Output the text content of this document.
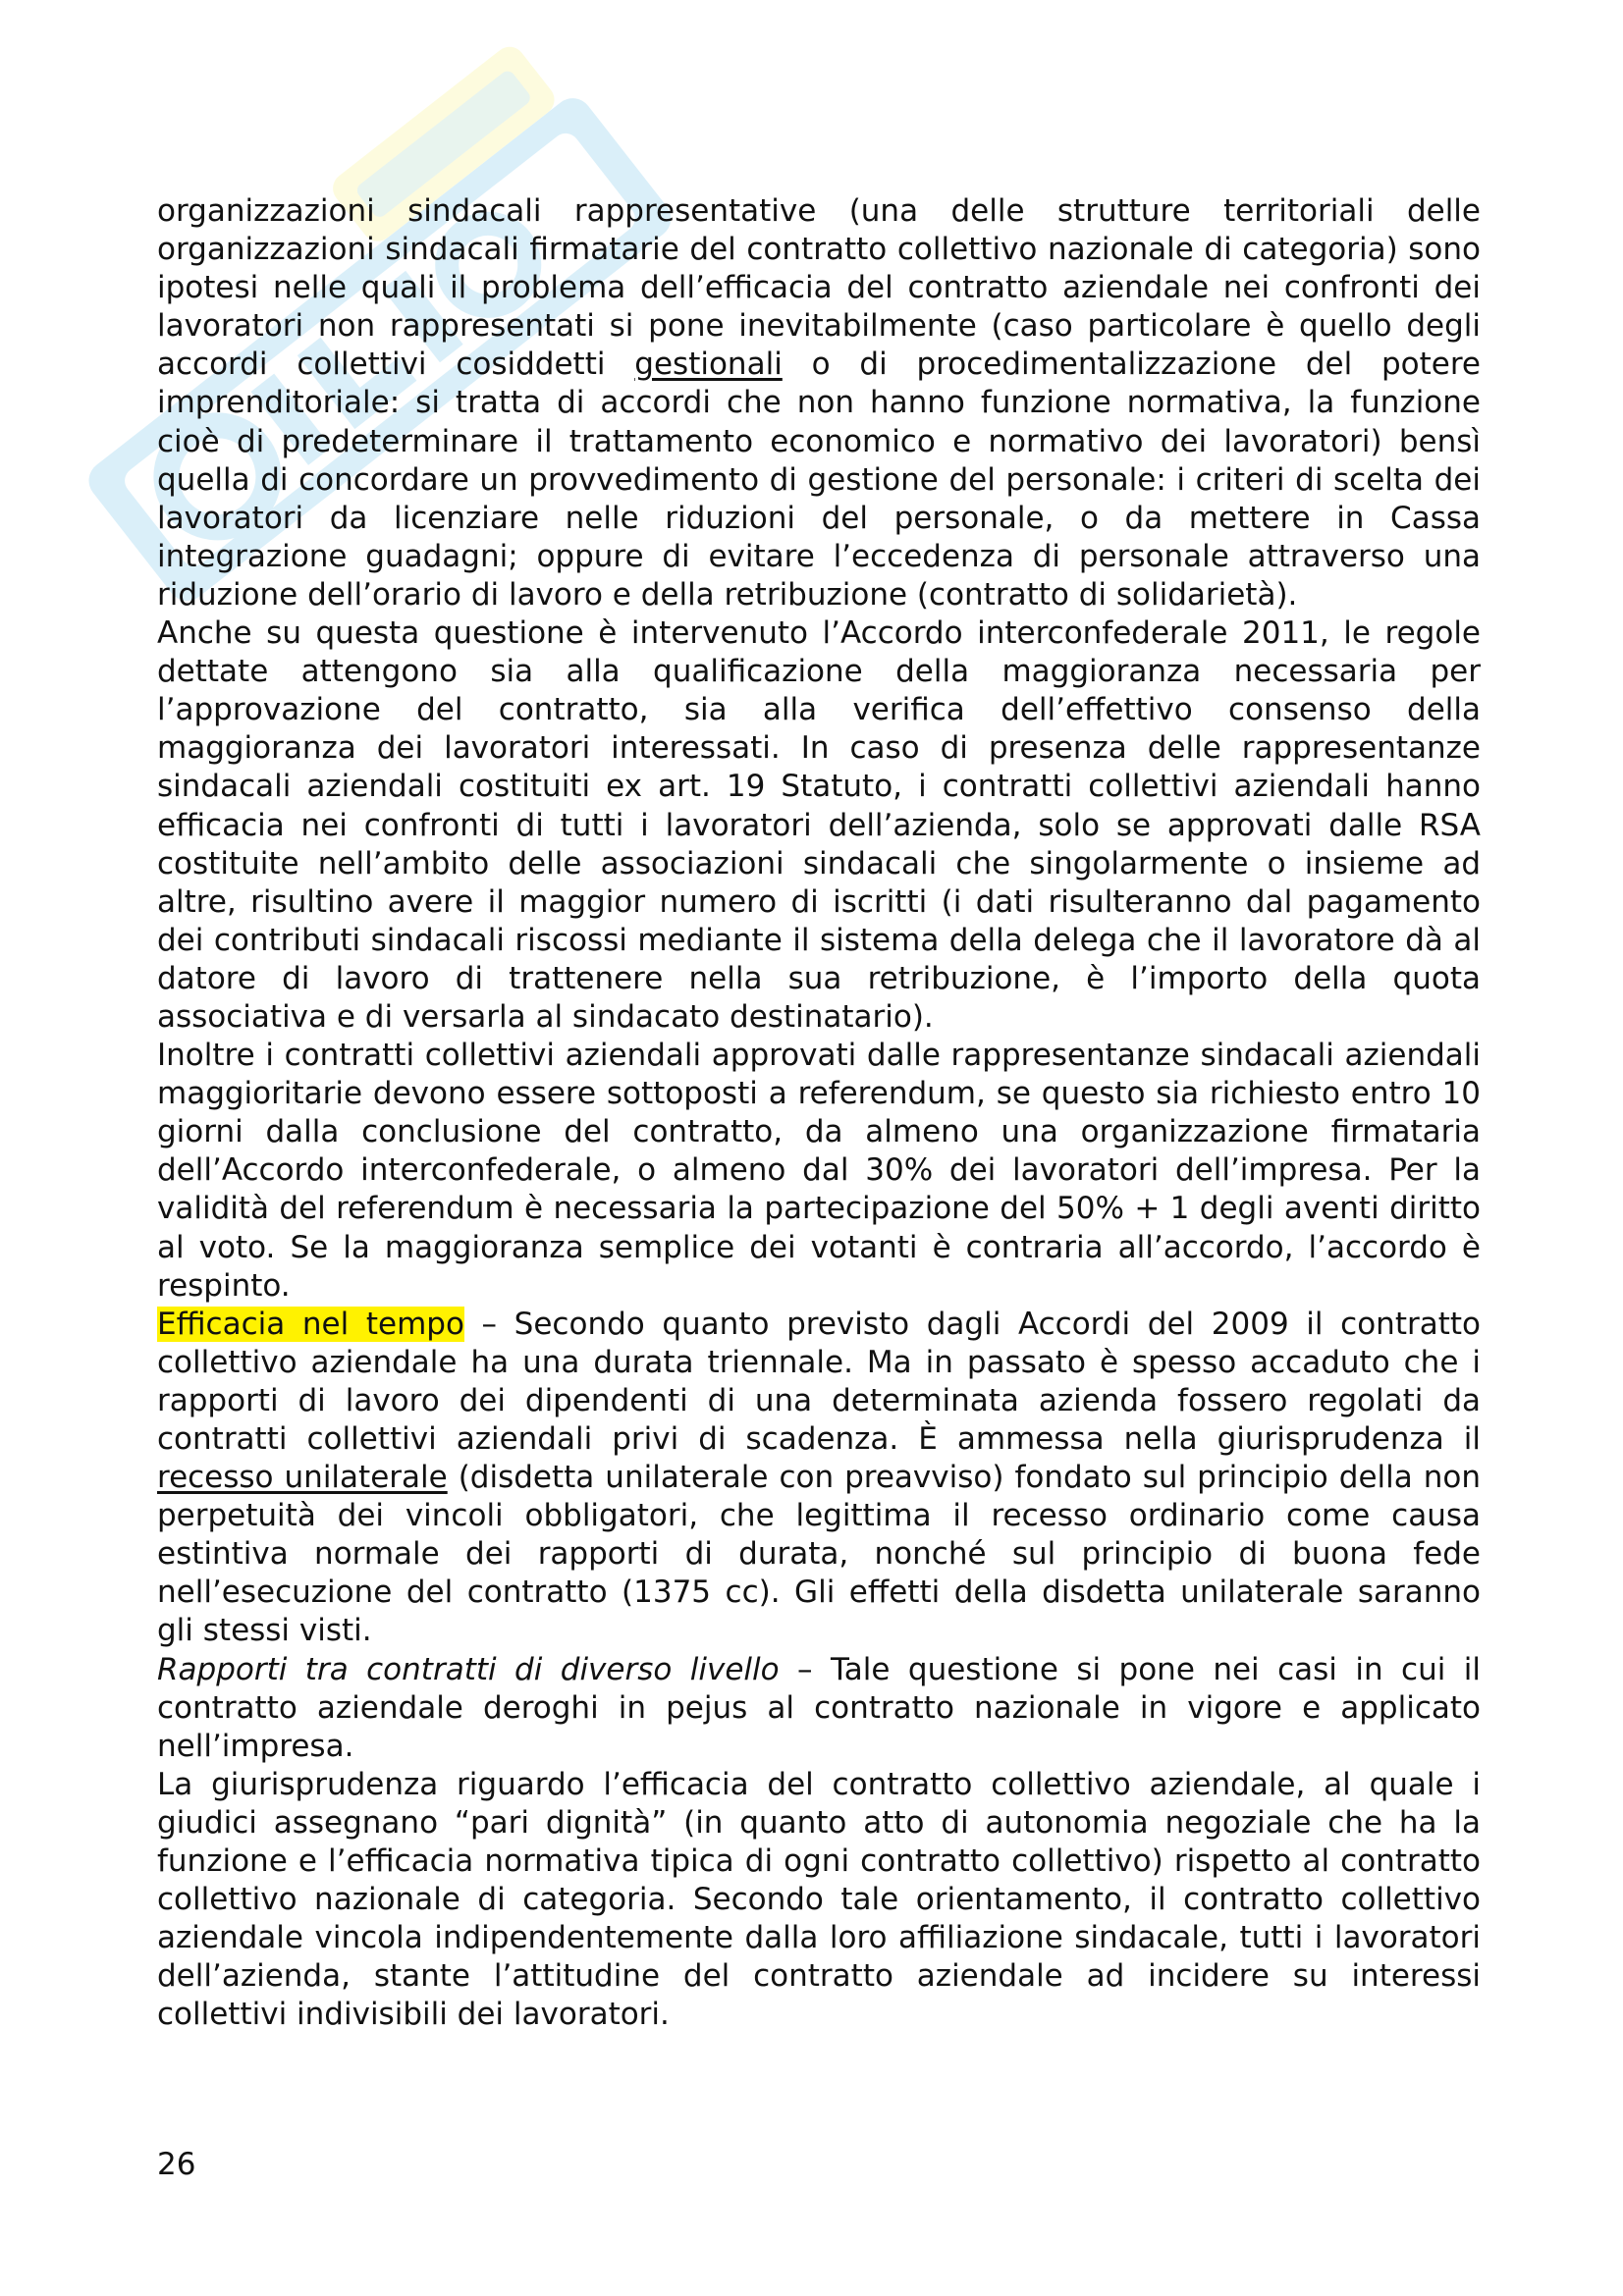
organizzazioni sindacali rappresentative (una delle strutture territoriali delle organizzazioni sindacali firmatarie del contratto collettivo nazionale di categoria) sono ipotesi nelle quali il problema dell’efficacia del contratto aziendale nei confronti dei lavoratori non rappresentati si pone inevitabilmente (caso particolare è quello degli accordi collettivi cosiddetti gestionali o di procedimentalizzazione del potere imprenditoriale: si tratta di accordi che non hanno funzione normativa, la funzione cioè di predeterminare il trattamento economico e normativo dei lavoratori) bensì quella di concordare un provvedimento di gestione del personale: i criteri di scelta dei lavoratori da licenziare nelle riduzioni del personale, o da mettere in Cassa integrazione guadagni; oppure di evitare l’eccedenza di personale attraverso una riduzione dell’orario di lavoro e della retribuzione (contratto di solidarietà).

Anche su questa questione è intervenuto l’Accordo interconfederale 2011, le regole dettate attengono sia alla qualificazione della maggioranza necessaria per l’approvazione del contratto, sia alla verifica dell’effettivo consenso della maggioranza dei lavoratori interessati. In caso di presenza delle rappresentanze sindacali aziendali costituiti ex art. 19 Statuto, i contratti collettivi aziendali hanno efficacia nei confronti di tutti i lavoratori dell’azienda, solo se approvati dalle RSA costituite nell’ambito delle associazioni sindacali che singolarmente o insieme ad altre, risultino avere il maggior numero di iscritti (i dati risulteranno dal pagamento dei contributi sindacali riscossi mediante il sistema della delega che il lavoratore dà al datore di lavoro di trattenere nella sua retribuzione, è l’importo della quota associativa e di versarla al sindacato destinatario).

Inoltre i contratti collettivi aziendali approvati dalle rappresentanze sindacali aziendali maggioritarie devono essere sottoposti a referendum, se questo sia richiesto entro 10 giorni dalla conclusione del contratto, da almeno una organizzazione firmataria dell’Accordo interconfederale, o almeno dal 30% dei lavoratori dell’impresa. Per la validità del referendum è necessaria la partecipazione del 50% + 1 degli aventi diritto al voto. Se la maggioranza semplice dei votanti è contraria all’accordo, l’accordo è respinto.

Efficacia nel tempo – Secondo quanto previsto dagli Accordi del 2009 il contratto collettivo aziendale ha una durata triennale. Ma in passato è spesso accaduto che i rapporti di lavoro dei dipendenti di una determinata azienda fossero regolati da contratti collettivi aziendali privi di scadenza. È ammessa nella giurisprudenza il recesso unilaterale (disdetta unilaterale con preavviso) fondato sul principio della non perpetuità dei vincoli obbligatori, che legittima il recesso ordinario come causa estintiva normale dei rapporti di durata, nonché sul principio di buona fede nell’esecuzione del contratto (1375 cc). Gli effetti della disdetta unilaterale saranno gli stessi visti.

Rapporti tra contratti di diverso livello – Tale questione si pone nei casi in cui il contratto aziendale deroghi in pejus al contratto nazionale in vigore e applicato nell’impresa.

La giurisprudenza riguardo l’efficacia del contratto collettivo aziendale, al quale i giudici assegnano “pari dignità” (in quanto atto di autonomia negoziale che ha la funzione e l’efficacia normativa tipica di ogni contratto collettivo) rispetto al contratto collettivo nazionale di categoria. Secondo tale orientamento, il contratto collettivo aziendale vincola indipendentemente dalla loro affiliazione sindacale, tutti i lavoratori dell’azienda, stante l’attitudine del contratto aziendale ad incidere su interessi collettivi indivisibili dei lavoratori.

26
